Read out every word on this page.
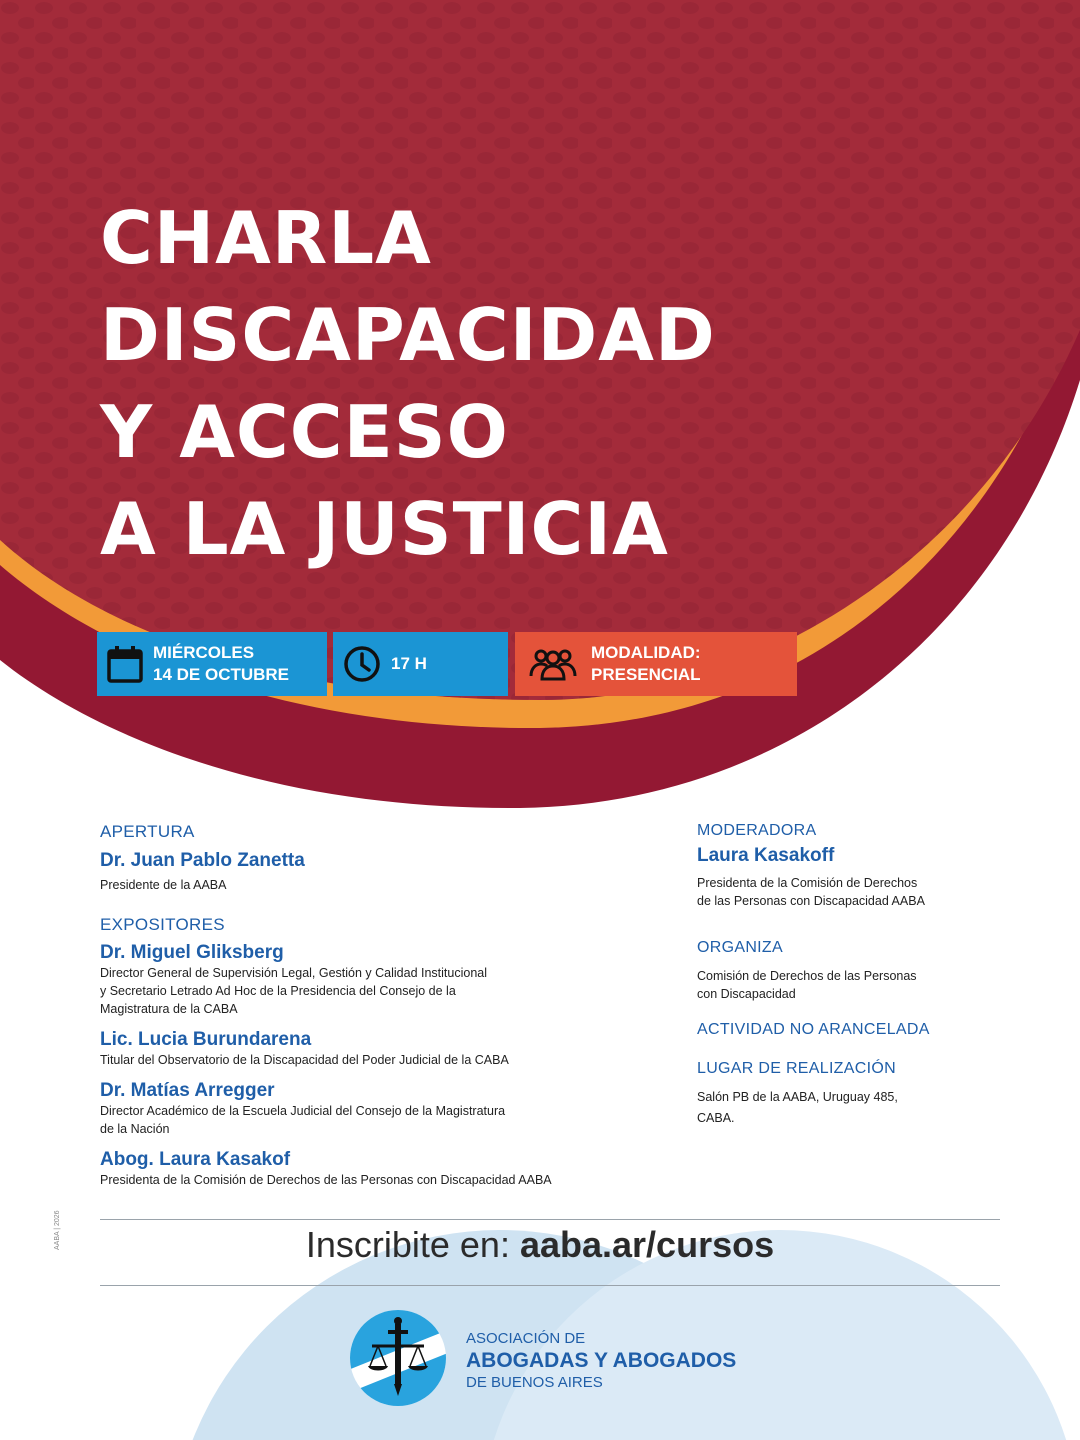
CHARLA
DISCAPACIDAD
Y ACCESO
A LA JUSTICIA
MIÉRCOLES
14 DE OCTUBRE
17 H
MODALIDAD:
PRESENCIAL
APERTURA
Dr. Juan Pablo Zanetta
Presidente de la AABA
EXPOSITORES
Dr. Miguel Gliksberg
Director General de Supervisión Legal, Gestión y Calidad Institucional
y Secretario Letrado Ad Hoc de la Presidencia del Consejo de la
Magistratura de la CABA
Lic. Lucia Burundarena
Titular del Observatorio de la Discapacidad del Poder Judicial de la CABA
Dr. Matías Arregger
Director Académico de la Escuela Judicial del Consejo de la Magistratura
de la Nación
Abog. Laura Kasakof
Presidenta de la Comisión de Derechos de las Personas con Discapacidad AABA
MODERADORA
Laura Kasakoff
Presidenta de la Comisión de Derechos
de las Personas con Discapacidad AABA
ORGANIZA
Comisión de Derechos de las Personas
con Discapacidad
ACTIVIDAD NO ARANCELADA
LUGAR DE REALIZACIÓN
Salón PB de la AABA, Uruguay 485,
CABA.
AABA | 2026	Inscribite en: aaba.ar/cursos
ASOCIACIÓN DE
ABOGADAS Y ABOGADOS
DE BUENOS AIRES
